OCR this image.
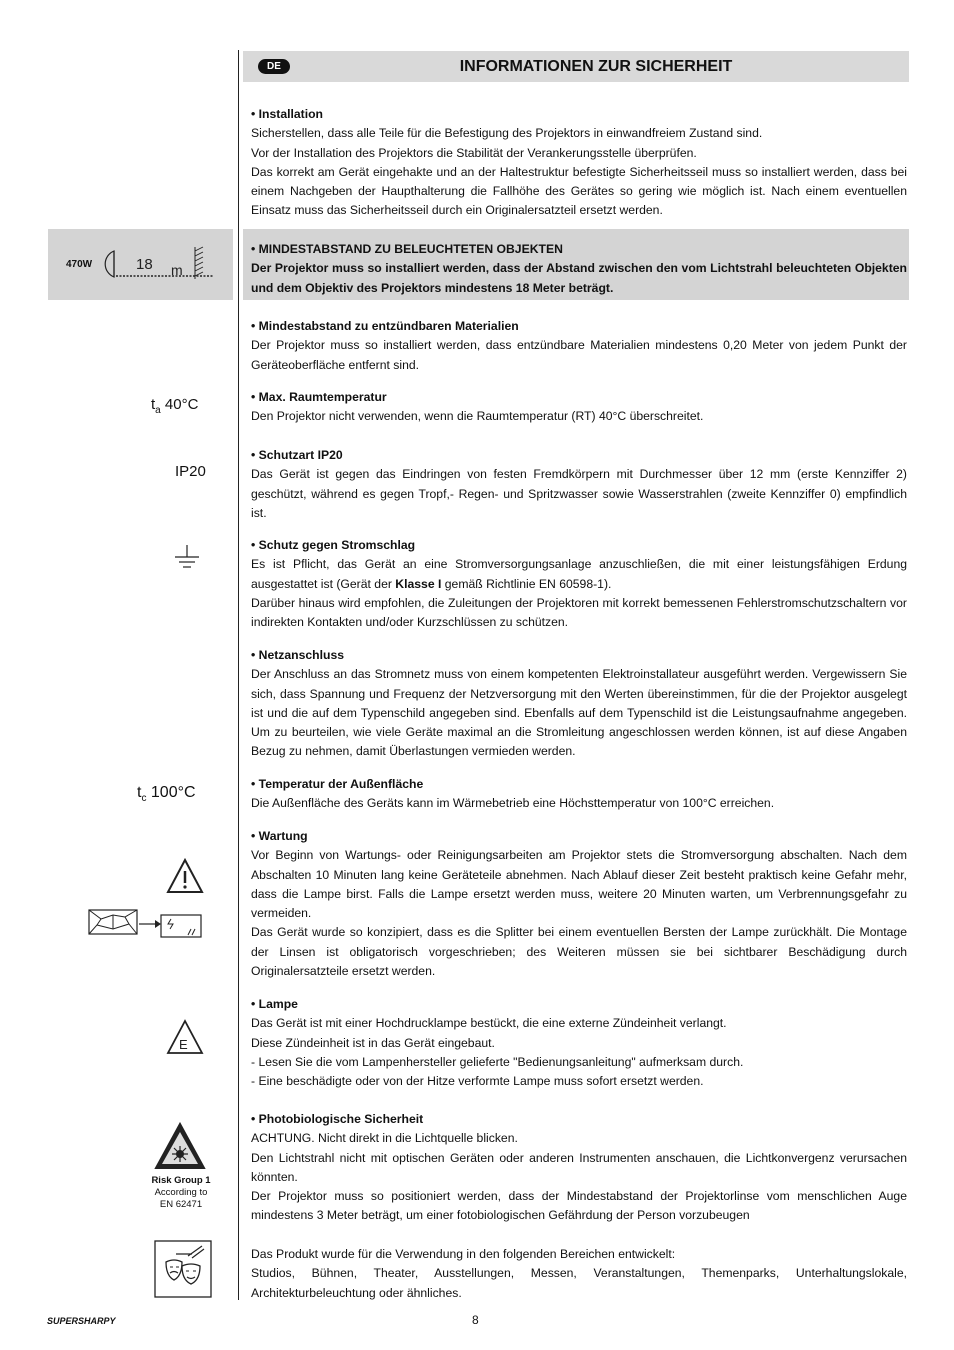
DE	INFORMATIONEN ZUR SICHERHEIT
470W	18 m
$t_a$ 40°C
IP20
$t_c$ 100°C
E
Risk Group 1
According to
EN 62471
• Installation

Sicherstellen, dass alle Teile für die Befestigung des Projektors in einwandfreiem Zustand sind.

Vor der Installation des Projektors die Stabilität der Verankerungsstelle überprüfen.

Das korrekt am Gerät eingehakte und an der Haltestruktur befestigte Sicherheitsseil muss so installiert werden, dass bei einem Nachgeben der Haupthalterung die Fallhöhe des Gerätes so gering wie möglich ist. Nach einem eventuellen Einsatz muss das Sicherheitsseil durch ein Originalersatzteil ersetzt werden.

• MINDESTABSTAND ZU BELEUCHTETEN OBJEKTEN

Der Projektor muss so installiert werden, dass der Abstand zwischen den vom Lichtstrahl beleuchteten Objekten und dem Objektiv des Projektors mindestens 18 Meter beträgt.

• Mindestabstand zu entzündbaren Materialien

Der Projektor muss so installiert werden, dass entzündbare Materialien mindestens 0,20 Meter von jedem Punkt der Geräteoberfläche entfernt sind.

• Max. Raumtemperatur

Den Projektor nicht verwenden, wenn die Raumtemperatur (RT) 40°C überschreitet.

• Schutzart IP20

Das Gerät ist gegen das Eindringen von festen Fremdkörpern mit Durchmesser über 12 mm (erste Kennziffer 2) geschützt, während es gegen Tropf,- Regen- und Spritzwasser sowie Wasserstrahlen (zweite Kennziffer 0) empfindlich ist.

• Schutz gegen Stromschlag

Es ist Pflicht, das Gerät an eine Stromversorgungsanlage anzuschließen, die mit einer leistungsfähigen Erdung ausgestattet ist (Gerät der Klasse I gemäß Richtlinie EN 60598-1).

Darüber hinaus wird empfohlen, die Zuleitungen der Projektoren mit korrekt bemessenen Fehlerstromschutzschaltern vor indirekten Kontakten und/oder Kurzschlüssen zu schützen.

• Netzanschluss

Der Anschluss an das Stromnetz muss von einem kompetenten Elektroinstallateur ausgeführt werden. Vergewissern Sie sich, dass Spannung und Frequenz der Netzversorgung mit den Werten übereinstimmen, für die der Projektor ausgelegt ist und die auf dem Typenschild angegeben sind. Ebenfalls auf dem Typenschild ist die Leistungsaufnahme angegeben. Um zu beurteilen, wie viele Geräte maximal an die Stromleitung angeschlossen werden können, ist auf diese Angaben Bezug zu nehmen, damit Überlastungen vermieden werden.

• Temperatur der Außenfläche

Die Außenfläche des Geräts kann im Wärmebetrieb eine Höchsttemperatur von 100°C erreichen.

• Wartung

Vor Beginn von Wartungs- oder Reinigungsarbeiten am Projektor stets die Stromversorgung abschalten. Nach dem Abschalten 10 Minuten lang keine Geräteteile abnehmen. Nach Ablauf dieser Zeit besteht praktisch keine Gefahr mehr, dass die Lampe birst. Falls die Lampe ersetzt werden muss, weitere 20 Minuten warten, um Verbrennungsgefahr zu vermeiden.

Das Gerät wurde so konzipiert, dass es die Splitter bei einem eventuellen Bersten der Lampe zurückhält. Die Montage der Linsen ist obligatorisch vorgeschrieben; des Weiteren müssen sie bei sichtbarer Beschädigung durch Originalersatzteile ersetzt werden.

• Lampe

Das Gerät ist mit einer Hochdrucklampe bestückt, die eine externe Zündeinheit verlangt.

Diese Zündeinheit ist in das Gerät eingebaut.

- Lesen Sie die vom Lampenhersteller gelieferte "Bedienungsanleitung" aufmerksam durch.

- Eine beschädigte oder von der Hitze verformte Lampe muss sofort ersetzt werden.

• Photobiologische Sicherheit

ACHTUNG. Nicht direkt in die Lichtquelle blicken.

Den Lichtstrahl nicht mit optischen Geräten oder anderen Instrumenten anschauen, die Lichtkonvergenz verursachen könnten.

Der Projektor muss so positioniert werden, dass der Mindestabstand der Projektorlinse vom menschlichen Auge mindestens 3 Meter beträgt, um einer fotobiologischen Gefährdung der Person vorzubeugen

Das Produkt wurde für die Verwendung in den folgenden Bereichen entwickelt:

Studios, Bühnen, Theater, Ausstellungen, Messen, Veranstaltungen, Themenparks, Unterhaltungslokale, Architekturbeleuchtung oder ähnliches.

SUPERSHARPY	8
